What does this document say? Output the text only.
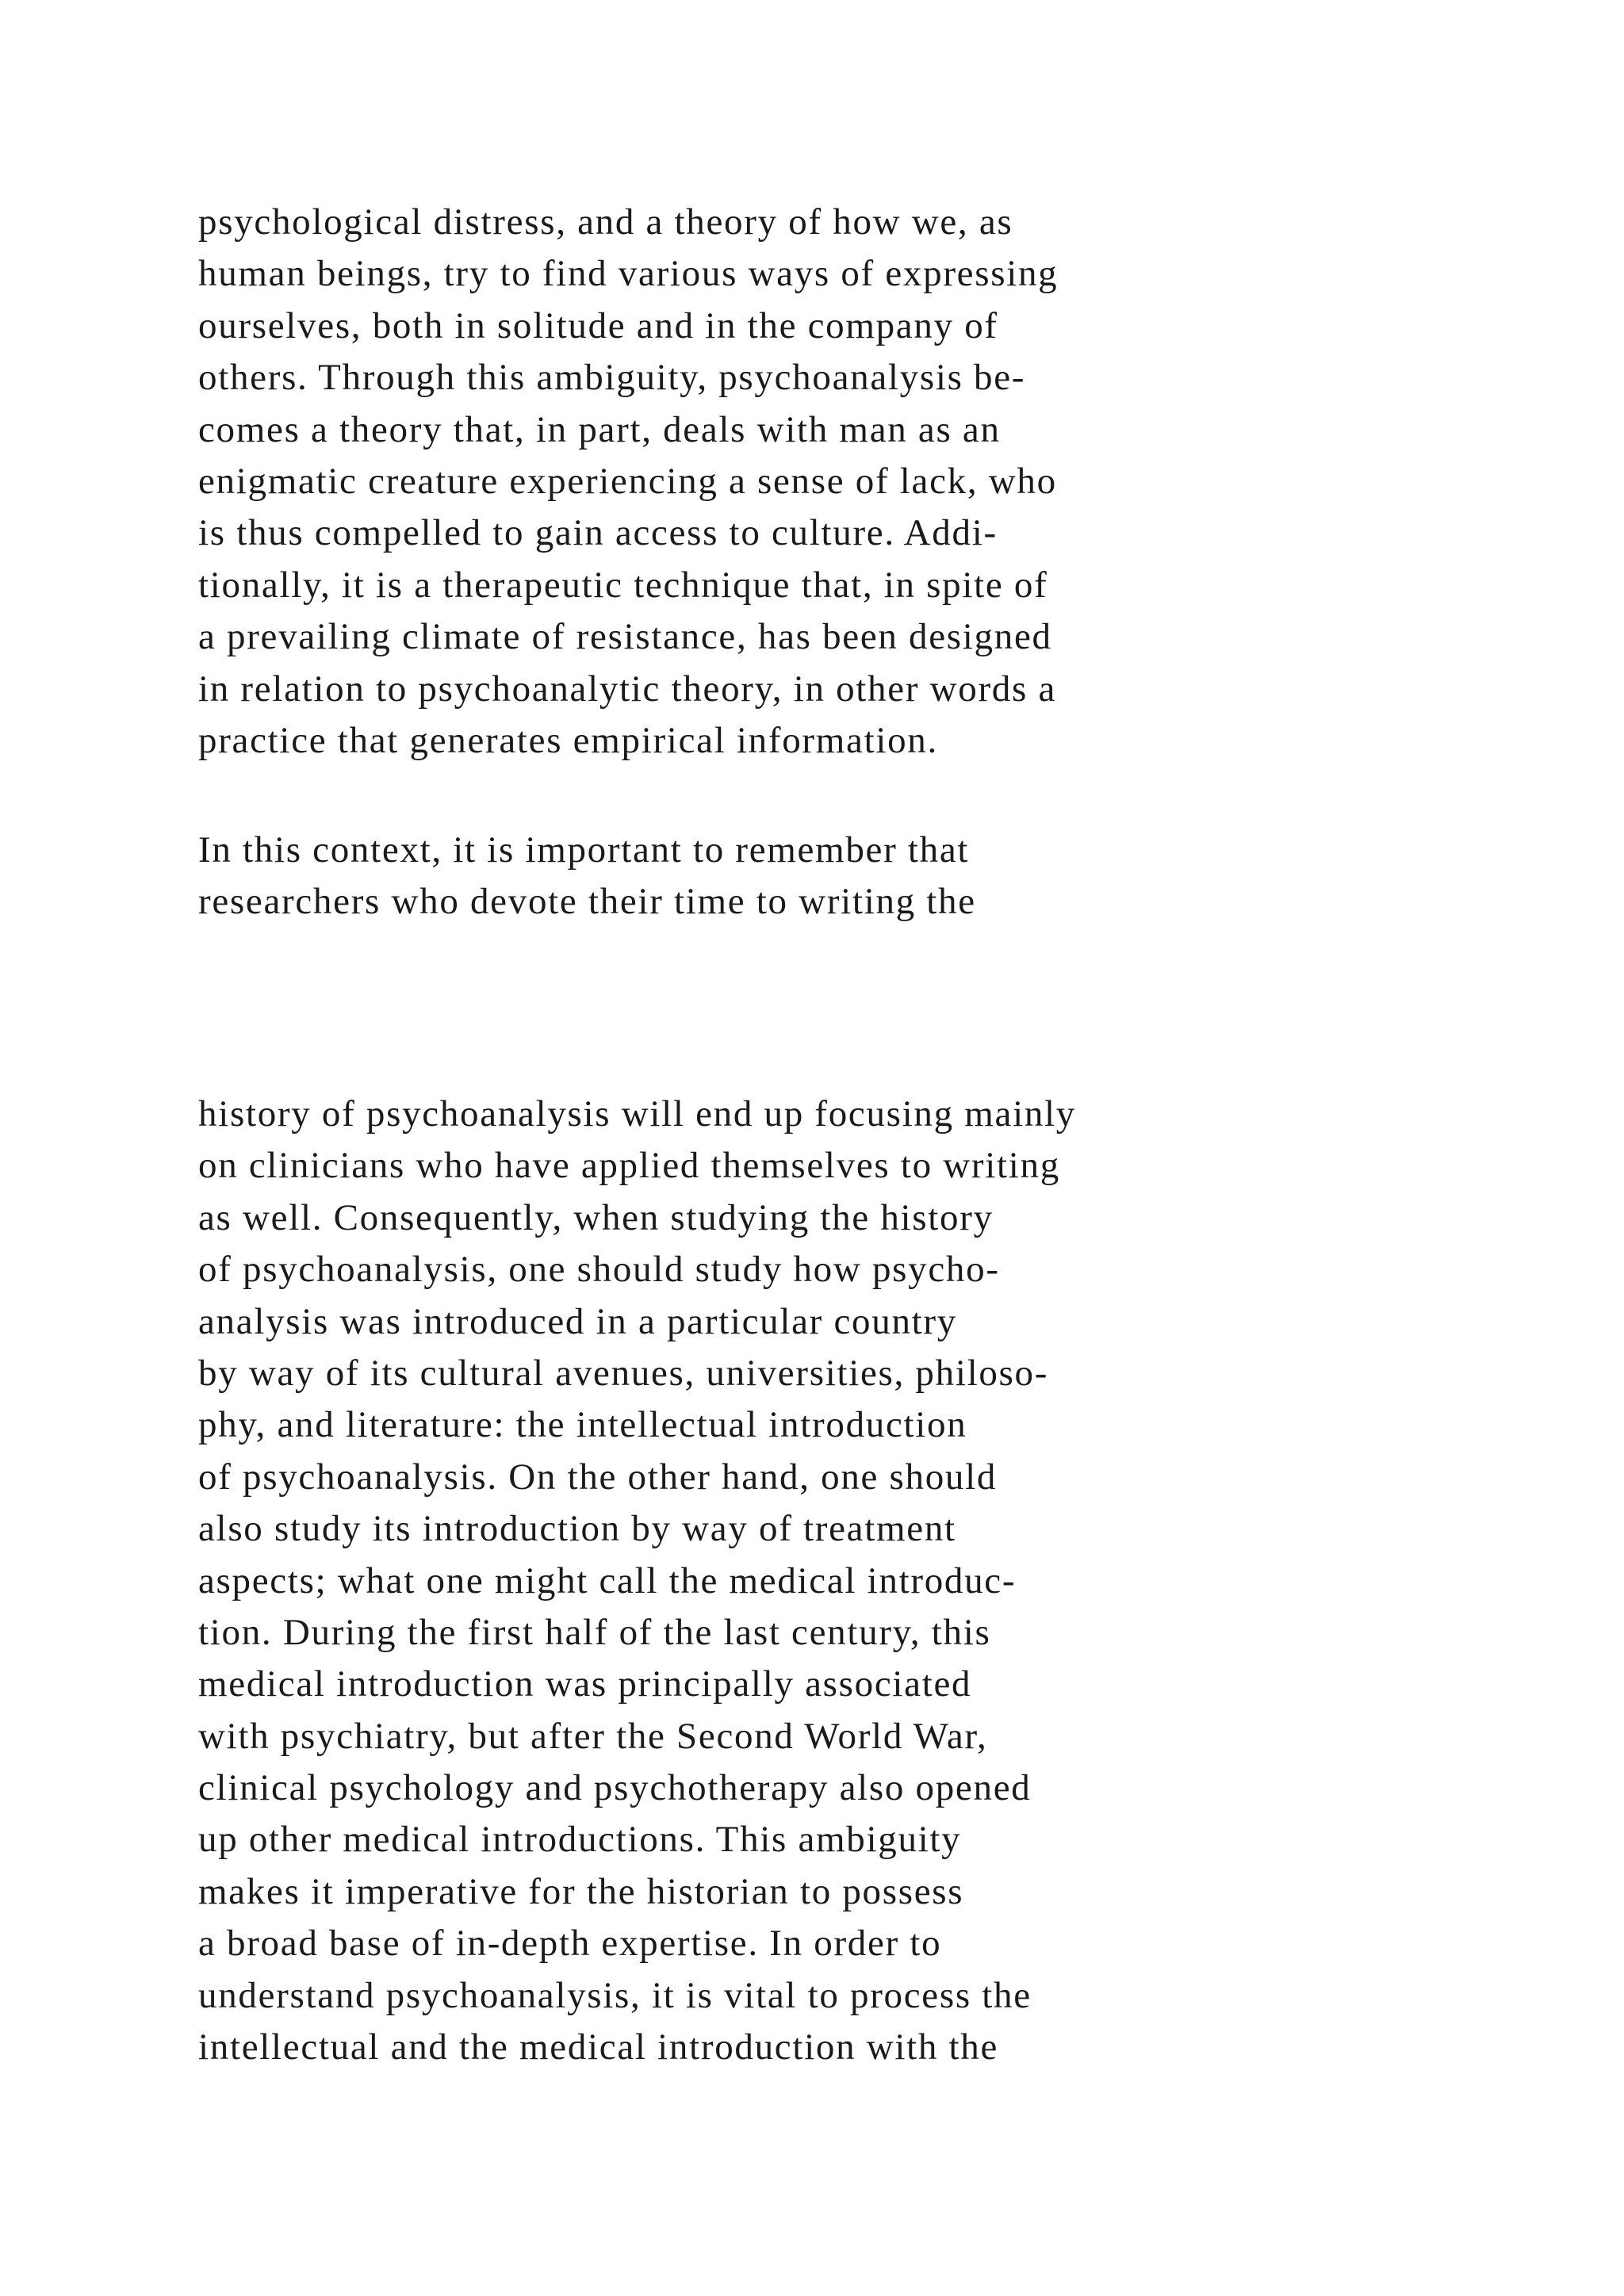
psychological distress, and a theory of how we, as
human beings, try to find various ways of expressing
ourselves, both in solitude and in the company of
others. Through this ambiguity, psychoanalysis be-
comes a theory that, in part, deals with man as an
enigmatic creature experiencing a sense of lack, who
is thus compelled to gain access to culture. Addi-
tionally, it is a therapeutic technique that, in spite of
a prevailing climate of resistance, has been designed
in relation to psychoanalytic theory, in other words a
practice that generates empirical information.
In this context, it is important to remember that
researchers who devote their time to writing the
history of psychoanalysis will end up focusing mainly
on clinicians who have applied themselves to writing
as well. Consequently, when studying the history
of psychoanalysis, one should study how psycho-
analysis was introduced in a particular country
by way of its cultural avenues, universities, philoso-
phy, and literature: the intellectual introduction
of psychoanalysis. On the other hand, one should
also study its introduction by way of treatment
aspects; what one might call the medical introduc-
tion. During the first half of the last century, this
medical introduction was principally associated
with psychiatry, but after the Second World War,
clinical psychology and psychotherapy also opened
up other medical introductions. This ambiguity
makes it imperative for the historian to possess
a broad base of in-depth expertise. In order to
understand psychoanalysis, it is vital to process the
intellectual and the medical introduction with the
